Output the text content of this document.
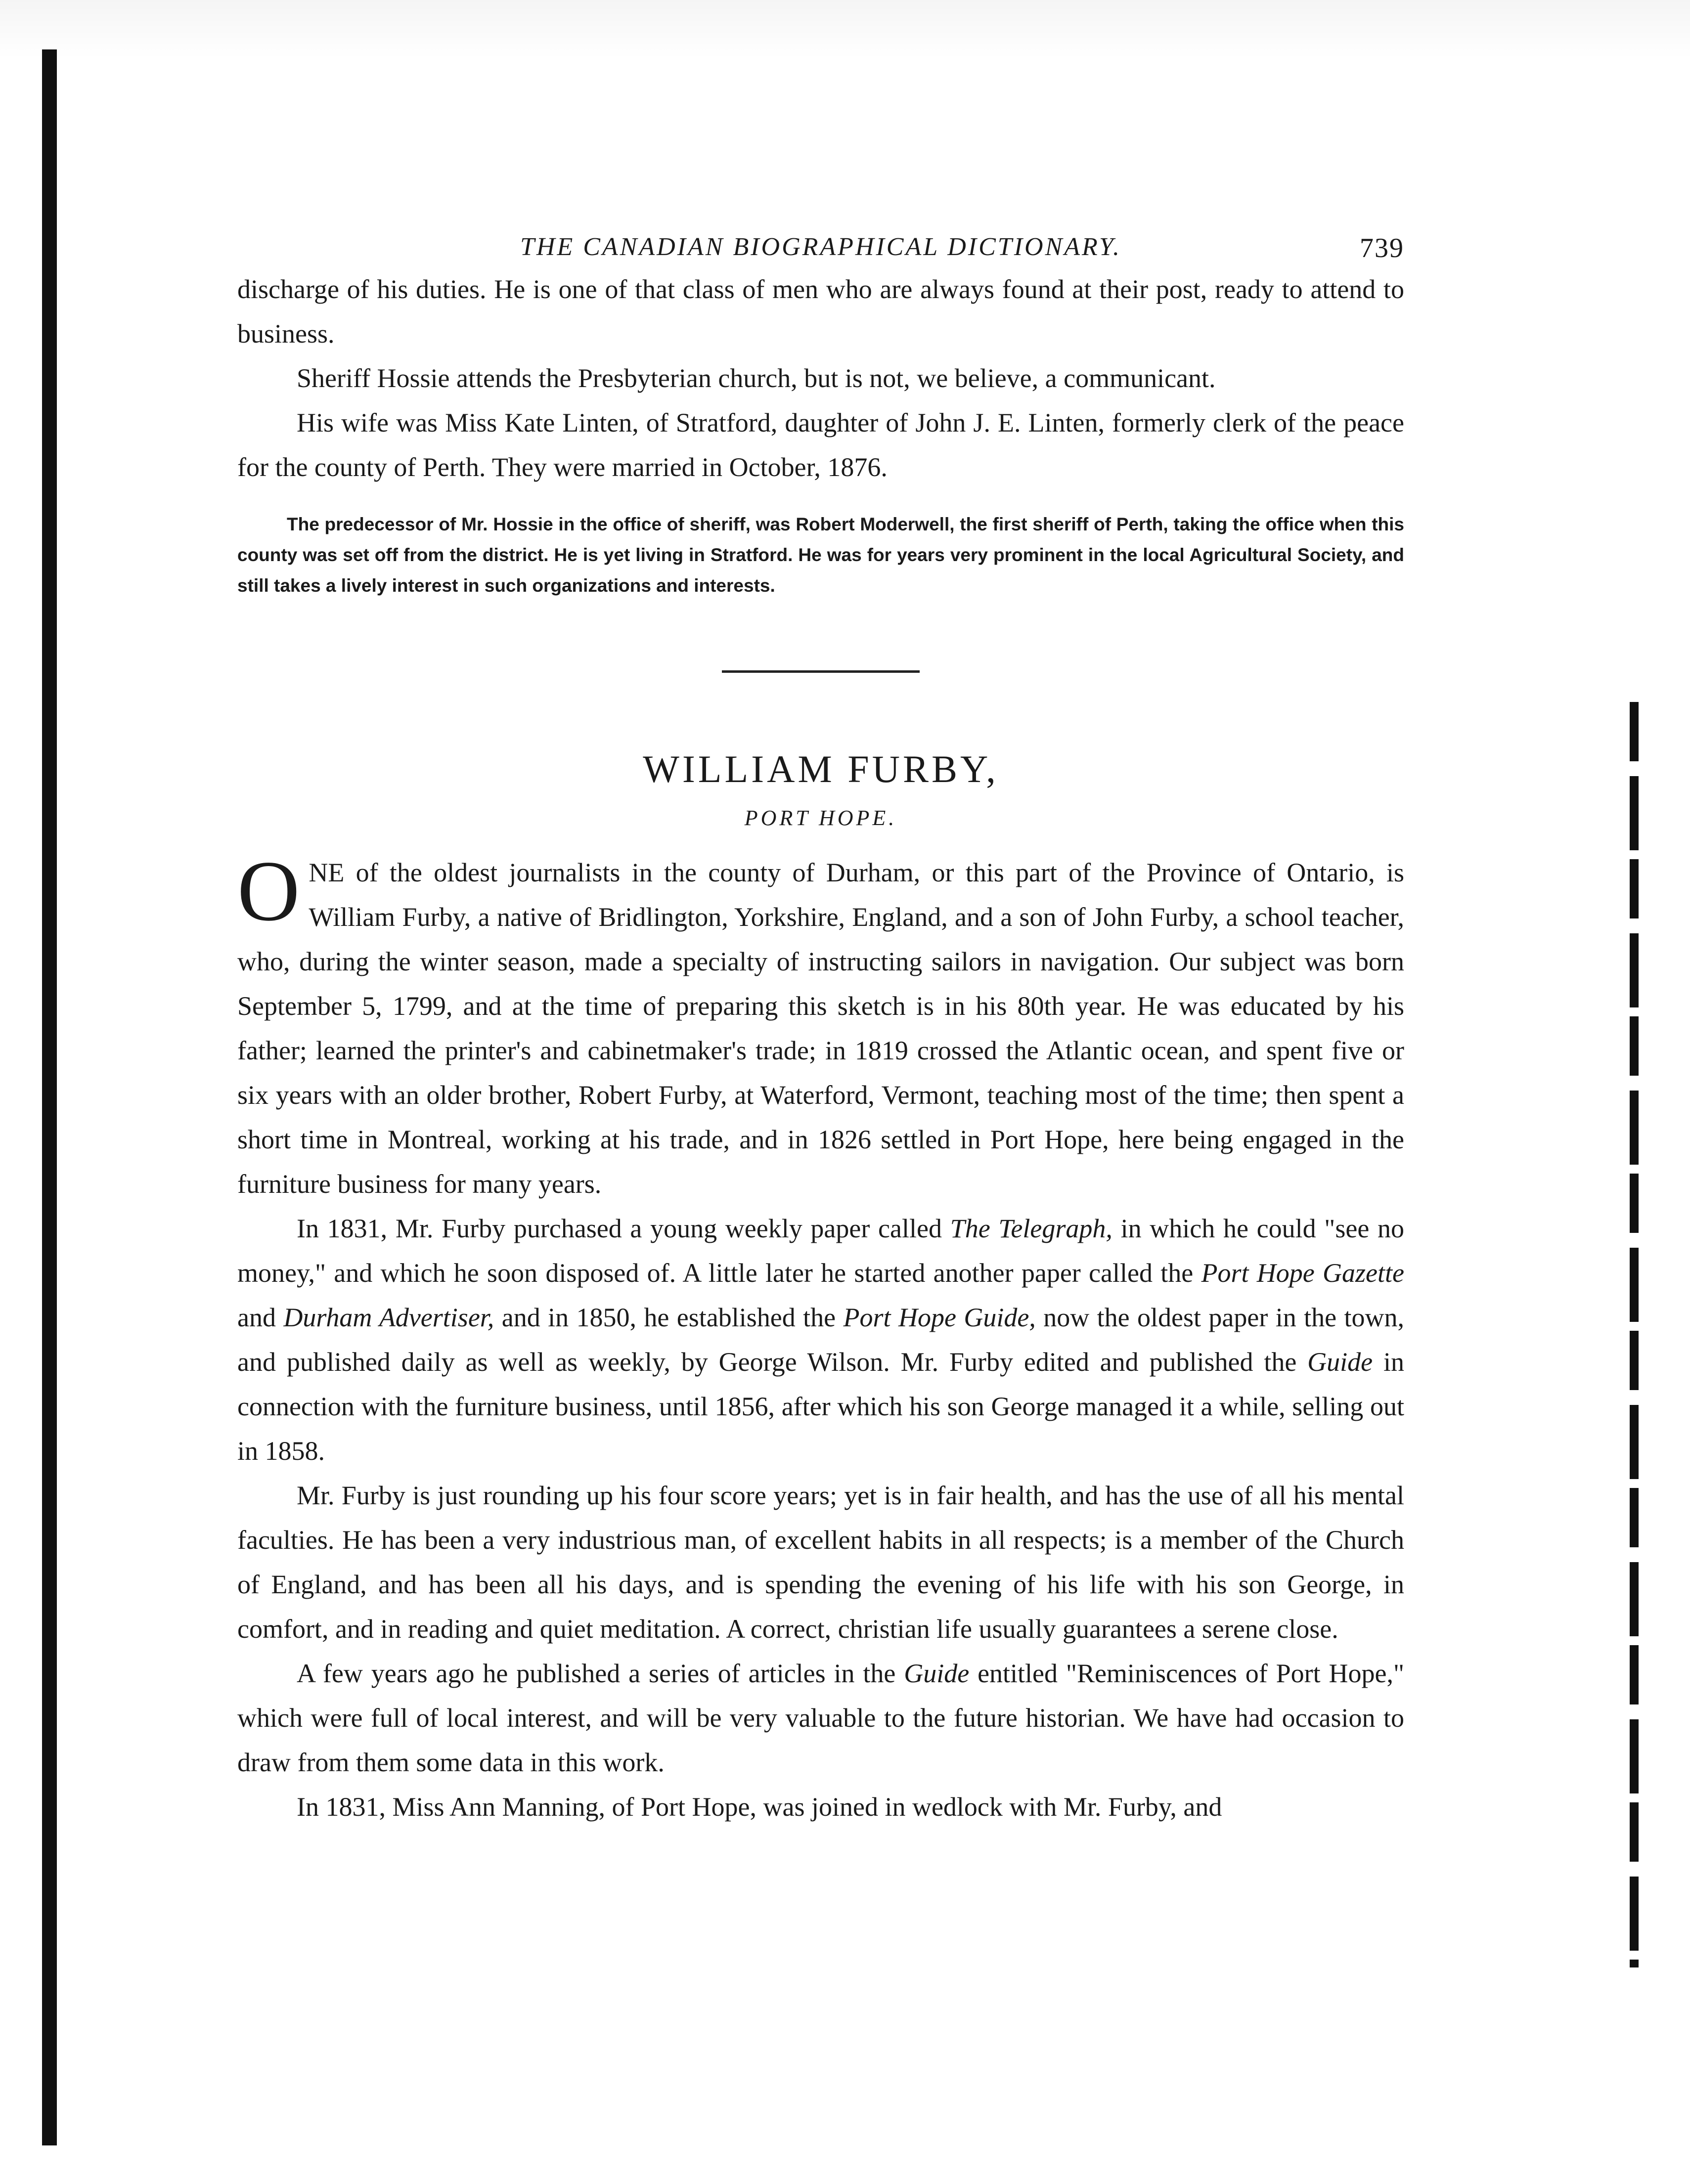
THE CANADIAN BIOGRAPHICAL DICTIONARY.	739

discharge of his duties. He is one of that class of men who are always found at their post, ready to attend to business.

Sheriff Hossie attends the Presbyterian church, but is not, we believe, a communicant.

His wife was Miss Kate Linten, of Stratford, daughter of John J. E. Linten, formerly clerk of the peace for the county of Perth. They were married in October, 1876.

The predecessor of Mr. Hossie in the office of sheriff, was Robert Moderwell, the first sheriff of Perth, taking the office when this county was set off from the district. He is yet living in Stratford. He was for years very prominent in the local Agricultural Society, and still takes a lively interest in such organizations and interests.

WILLIAM FURBY,
PORT HOPE.

ONE of the oldest journalists in the county of Durham, or this part of the Province of Ontario, is William Furby, a native of Bridlington, Yorkshire, England, and a son of John Furby, a school teacher, who, during the winter season, made a specialty of instructing sailors in navigation. Our subject was born September 5, 1799, and at the time of preparing this sketch is in his 80th year. He was educated by his father; learned the printer's and cabinetmaker's trade; in 1819 crossed the Atlantic ocean, and spent five or six years with an older brother, Robert Furby, at Waterford, Vermont, teaching most of the time; then spent a short time in Montreal, working at his trade, and in 1826 settled in Port Hope, here being engaged in the furniture business for many years.

In 1831, Mr. Furby purchased a young weekly paper called The Telegraph, in which he could "see no money," and which he soon disposed of. A little later he started another paper called the Port Hope Gazette and Durham Advertiser, and in 1850, he established the Port Hope Guide, now the oldest paper in the town, and published daily as well as weekly, by George Wilson. Mr. Furby edited and published the Guide in connection with the furniture business, until 1856, after which his son George managed it a while, selling out in 1858.

Mr. Furby is just rounding up his four score years; yet is in fair health, and has the use of all his mental faculties. He has been a very industrious man, of excellent habits in all respects; is a member of the Church of England, and has been all his days, and is spending the evening of his life with his son George, in comfort, and in reading and quiet meditation. A correct, christian life usually guarantees a serene close.

A few years ago he published a series of articles in the Guide entitled "Reminiscences of Port Hope," which were full of local interest, and will be very valuable to the future historian. We have had occasion to draw from them some data in this work.

In 1831, Miss Ann Manning, of Port Hope, was joined in wedlock with Mr. Furby, and
